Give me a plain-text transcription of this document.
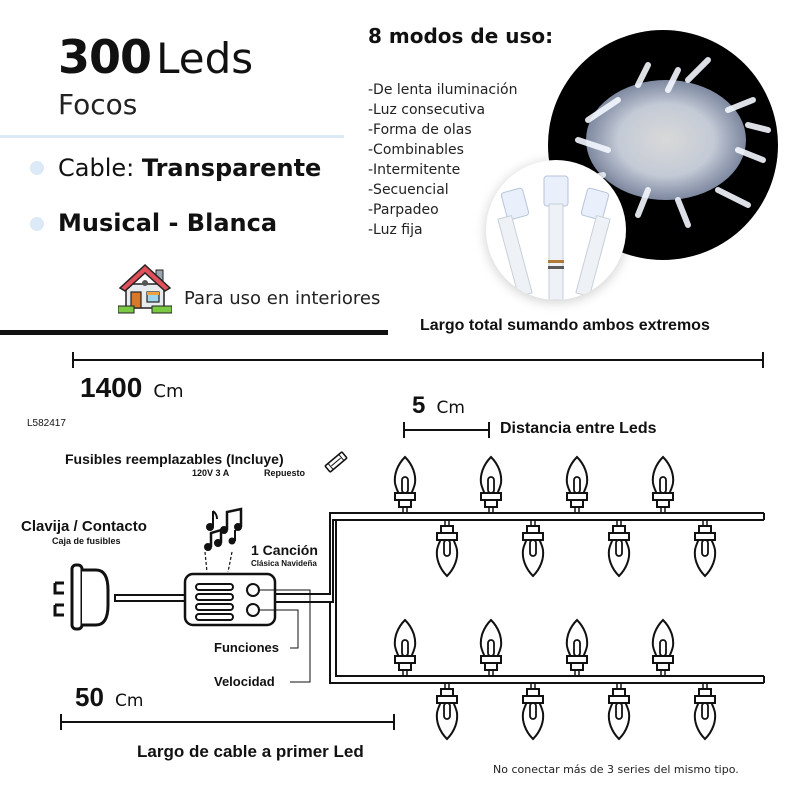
300 Leds
Focos
Cable: Transparente
Musical - Blanca
Para uso en interiores
8 modos de uso:
-De lenta iluminación
-Luz consecutiva
-Forma de olas
-Combinables
-Intermitente
-Secuencial
-Parpadeo
-Luz fija
Largo total sumando ambos extremos
1400 Cm
L582417
5 Cm
Distancia entre Leds
Fusibles reemplazables (Incluye)
120V 3 A	Repuesto
Clavija / Contacto
Caja de fusibles
1 Canción
Clásica Navideña
Funciones
Velocidad
50 Cm
Largo de cable a primer Led
No conectar más de 3 series del mismo tipo.
